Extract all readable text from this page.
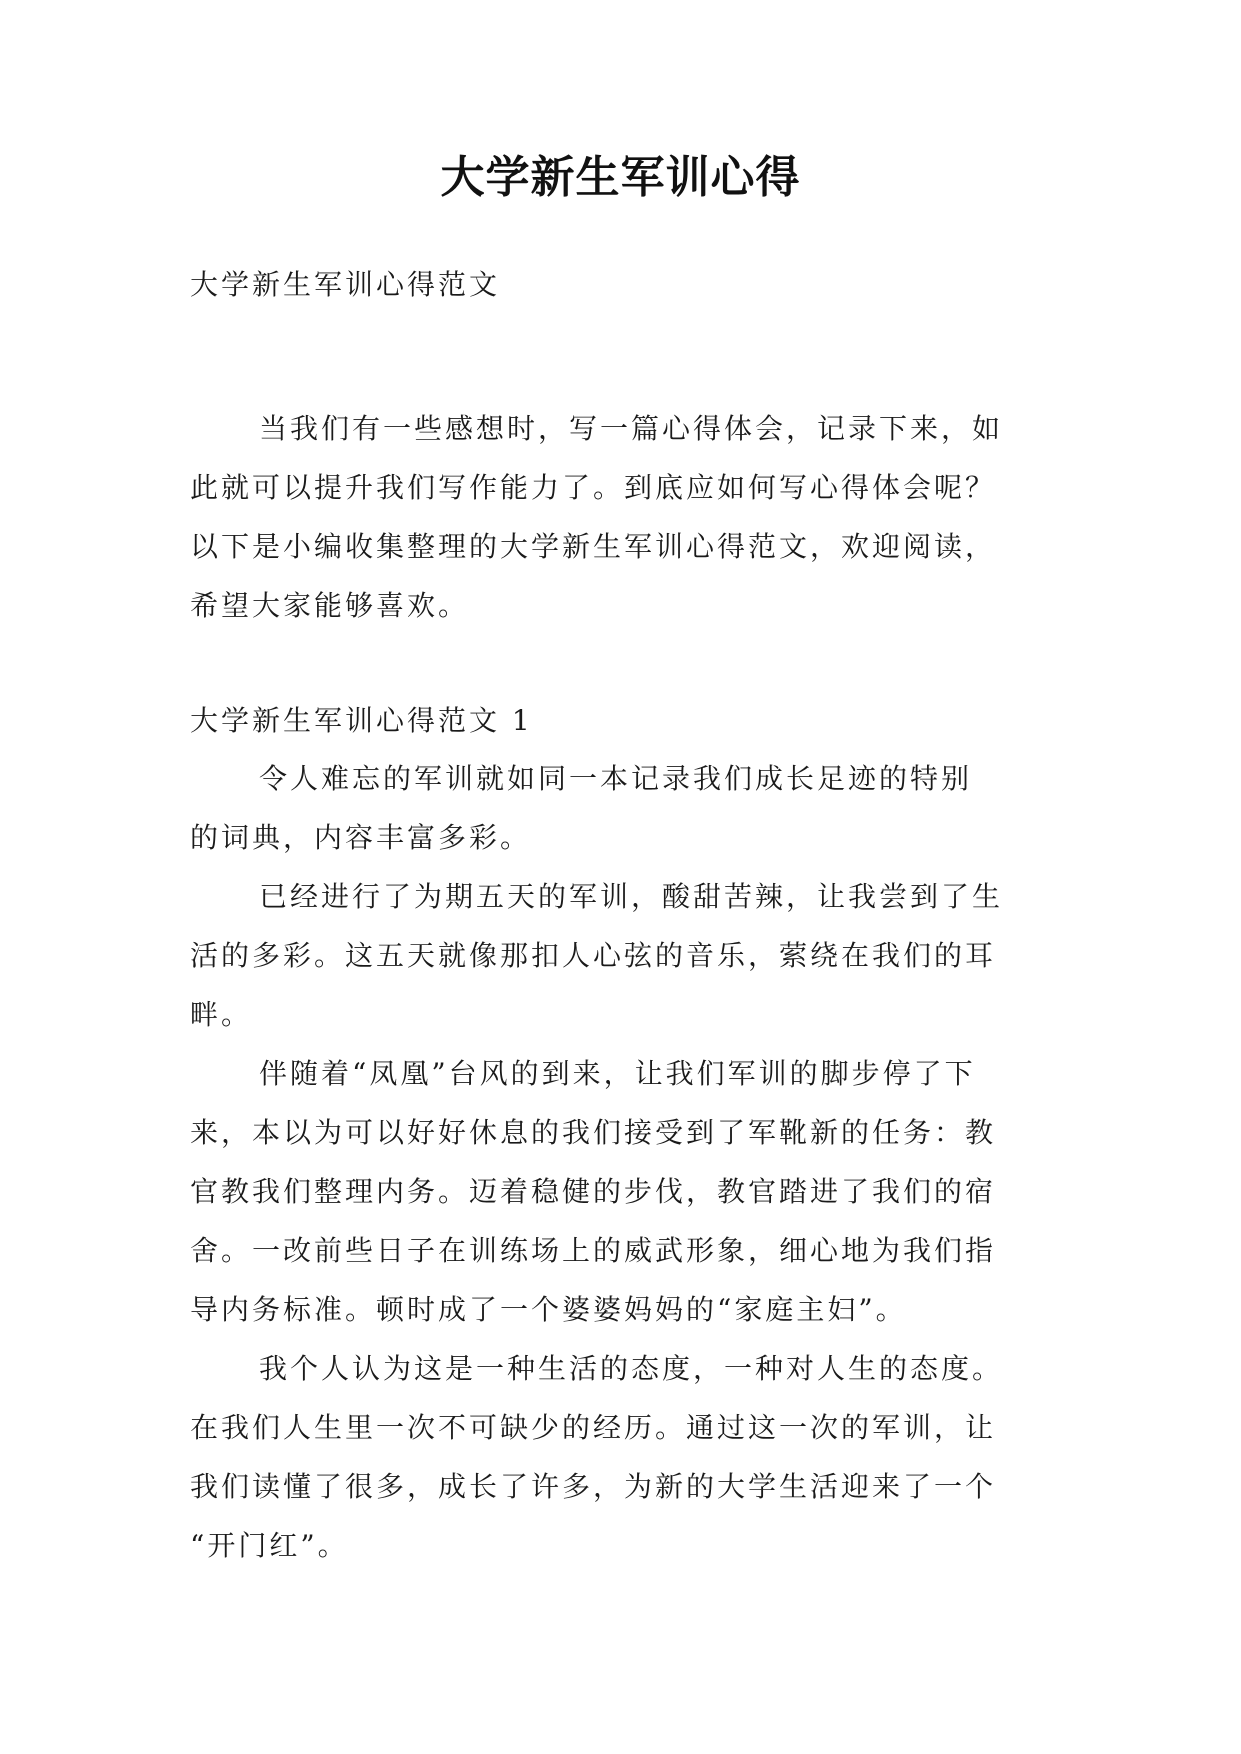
大学新生军训心得
大学新生军训心得范文
当我们有一些感想时，写一篇心得体会，记录下来，如
此就可以提升我们写作能力了。到底应如何写心得体会呢？
以下是小编收集整理的大学新生军训心得范文，欢迎阅读，
希望大家能够喜欢。
大学新生军训心得范文 1
令人难忘的军训就如同一本记录我们成长足迹的特别
的词典，内容丰富多彩。
已经进行了为期五天的军训，酸甜苦辣，让我尝到了生
活的多彩。这五天就像那扣人心弦的音乐，萦绕在我们的耳
畔。
伴随着“凤凰”台风的到来，让我们军训的脚步停了下
来，本以为可以好好休息的我们接受到了军靴新的任务：教
官教我们整理内务。迈着稳健的步伐，教官踏进了我们的宿
舍。一改前些日子在训练场上的威武形象，细心地为我们指
导内务标准。顿时成了一个婆婆妈妈的“家庭主妇”。
我个人认为这是一种生活的态度，一种对人生的态度。
在我们人生里一次不可缺少的经历。通过这一次的军训，让
我们读懂了很多，成长了许多，为新的大学生活迎来了一个
“开门红”。
